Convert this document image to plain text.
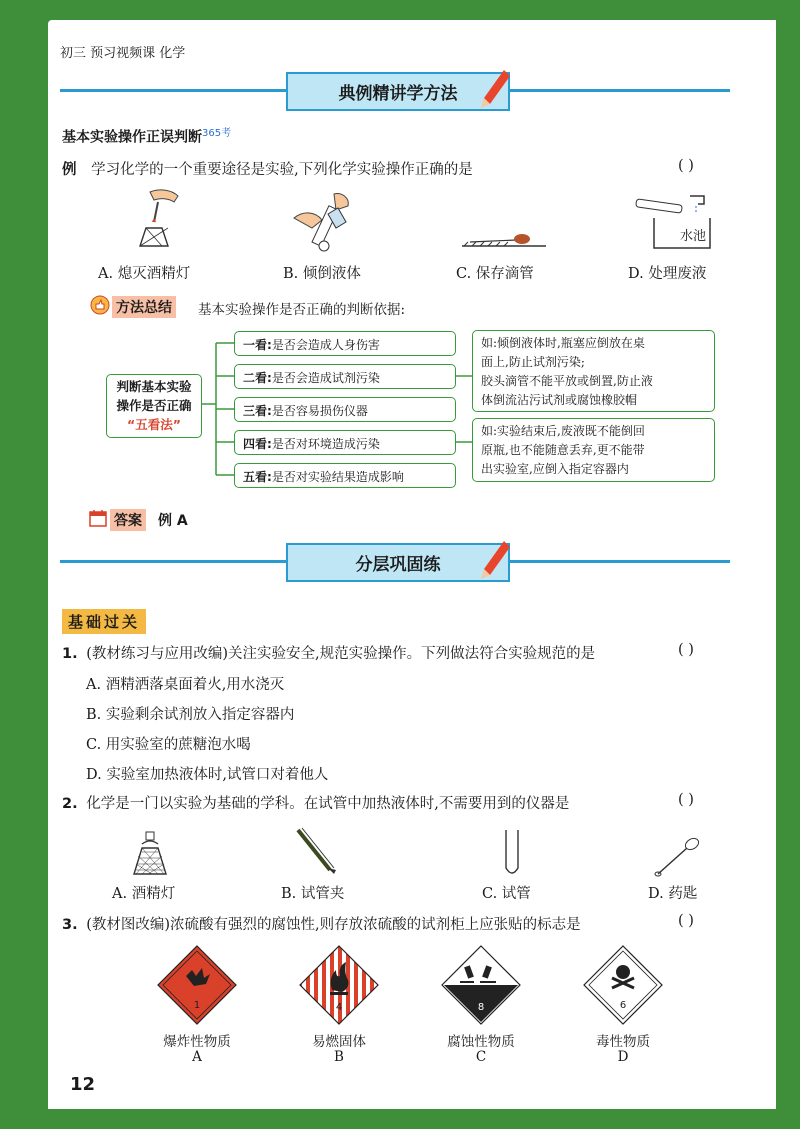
初三 预习视频课 化学
典例精讲学方法
基本实验操作正误判断$^{365考}$
例 学习化学的一个重要途径是实验,下列化学实验操作正确的是	( )
水池
A. 熄灭酒精灯	B. 倾倒液体	C. 保存滴管	D. 处理废液
方法总结 基本实验操作是否正确的判断依据:
判断基本实验
操作是否正确
“五看法”
一看:是否会造成人身伤害
二看:是否会造成试剂污染
三看:是否容易损伤仪器
四看:是否对环境造成污染
五看:是否对实验结果造成影响
如:倾倒液体时,瓶塞应倒放在桌
面上,防止试剂污染;
胶头滴管不能平放或倒置,防止液
体倒流沾污试剂或腐蚀橡胶帽
如:实验结束后,废液既不能倒回
原瓶,也不能随意丢弃,更不能带
出实验室,应倒入指定容器内
答案 例 A
分层巩固练
基础过关
1. (教材练习与应用改编)关注实验安全,规范实验操作。下列做法符合实验规范的是	( )
A. 酒精洒落桌面着火,用水浇灭
B. 实验剩余试剂放入指定容器内
C. 用实验室的蔗糖泡水喝
D. 实验室加热液体时,试管口对着他人
2. 化学是一门以实验为基础的学科。在试管中加热液体时,不需要用到的仪器是	( )
A. 酒精灯	B. 试管夹	C. 试管	D. 药匙
3. (教材图改编)浓硫酸有强烈的腐蚀性,则存放浓硫酸的试剂柜上应张贴的标志是	( )
1	4	8	6
爆炸性物质
A
易燃固体
B
腐蚀性物质
C
毒性物质
D
12
